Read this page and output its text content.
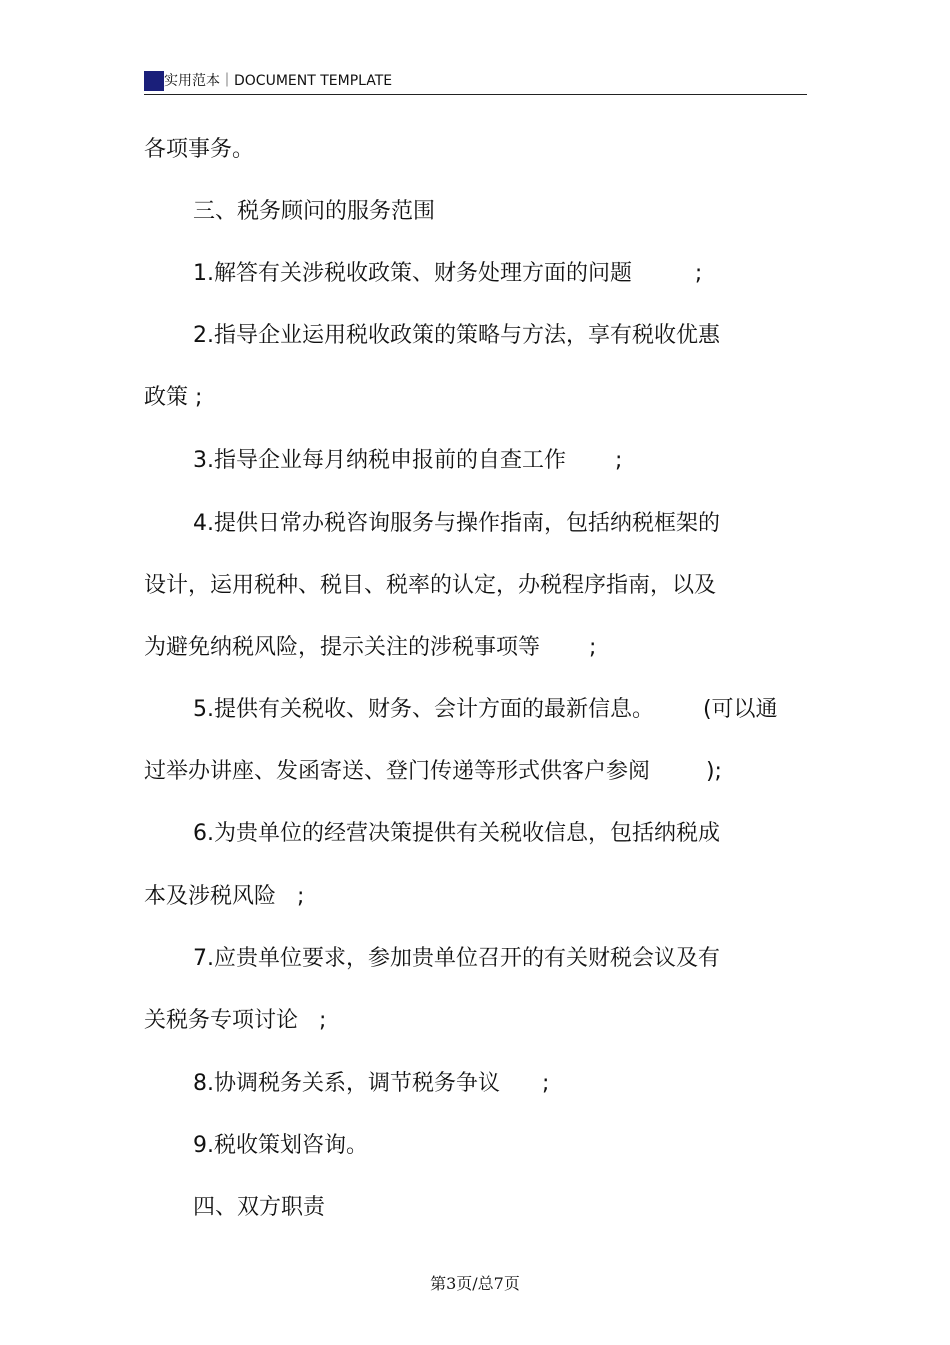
实用范本｜DOCUMENT TEMPLATE
各项事务。
三、税务顾问的服务范围
1.解答有关涉税收政策、财务处理方面的问题         ;
2.指导企业运用税收政策的策略与方法，享有税收优惠
政策 ;
3.指导企业每月纳税申报前的自查工作       ;
4.提供日常办税咨询服务与操作指南，包括纳税框架的
设计，运用税种、税目、税率的认定，办税程序指南，以及
为避免纳税风险，提示关注的涉税事项等       ;
5.提供有关税收、财务、会计方面的最新信息。       (可以通
过举办讲座、发函寄送、登门传递等形式供客户参阅        );
6.为贵单位的经营决策提供有关税收信息，包括纳税成
本及涉税风险   ;
7.应贵单位要求，参加贵单位召开的有关财税会议及有
关税务专项讨论   ;
8.协调税务关系，调节税务争议      ;
9.税收策划咨询。
四、双方职责
第3页/总7页
